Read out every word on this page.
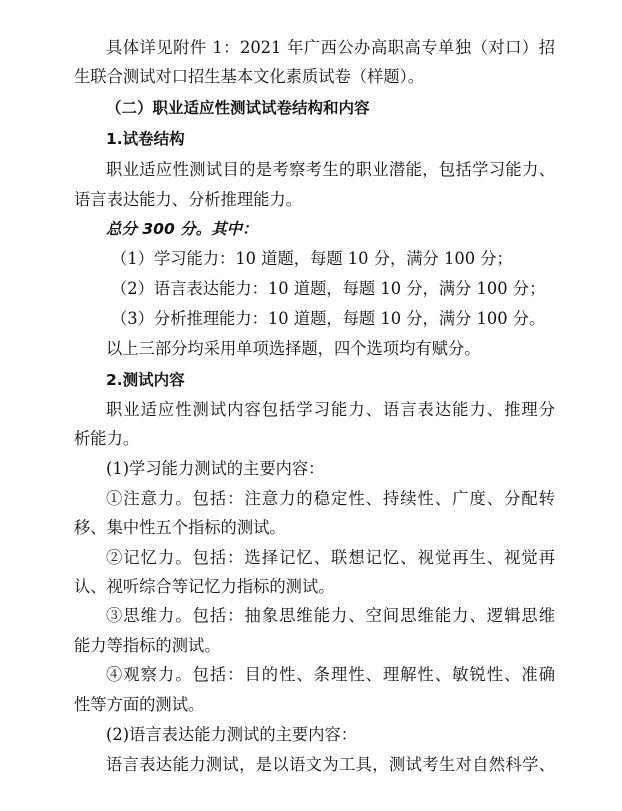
具体详见附件 1：2021 年广西公办高职高专单独（对口）招
生联合测试对口招生基本文化素质试卷（样题）。
（二）职业适应性测试试卷结构和内容
1.试卷结构
职业适应性测试目的是考察考生的职业潜能，包括学习能力、
语言表达能力、分析推理能力。
总分 300 分。其中：
（1）学习能力：10 道题，每题 10 分，满分 100 分；
（2）语言表达能力：10 道题，每题 10 分，满分 100 分；
（3）分析推理能力：10 道题，每题 10 分，满分 100 分。
以上三部分均采用单项选择题，四个选项均有赋分。
2.测试内容
职业适应性测试内容包括学习能力、语言表达能力、推理分
析能力。
(1)学习能力测试的主要内容：
①注意力。包括：注意力的稳定性、持续性、广度、分配转
移、集中性五个指标的测试。
②记忆力。包括：选择记忆、联想记忆、视觉再生、视觉再
认、视听综合等记忆力指标的测试。
③思维力。包括：抽象思维能力、空间思维能力、逻辑思维
能力等指标的测试。
④观察力。包括：目的性、条理性、理解性、敏锐性、准确
性等方面的测试。
(2)语言表达能力测试的主要内容：
语言表达能力测试，是以语文为工具，测试考生对自然科学、
